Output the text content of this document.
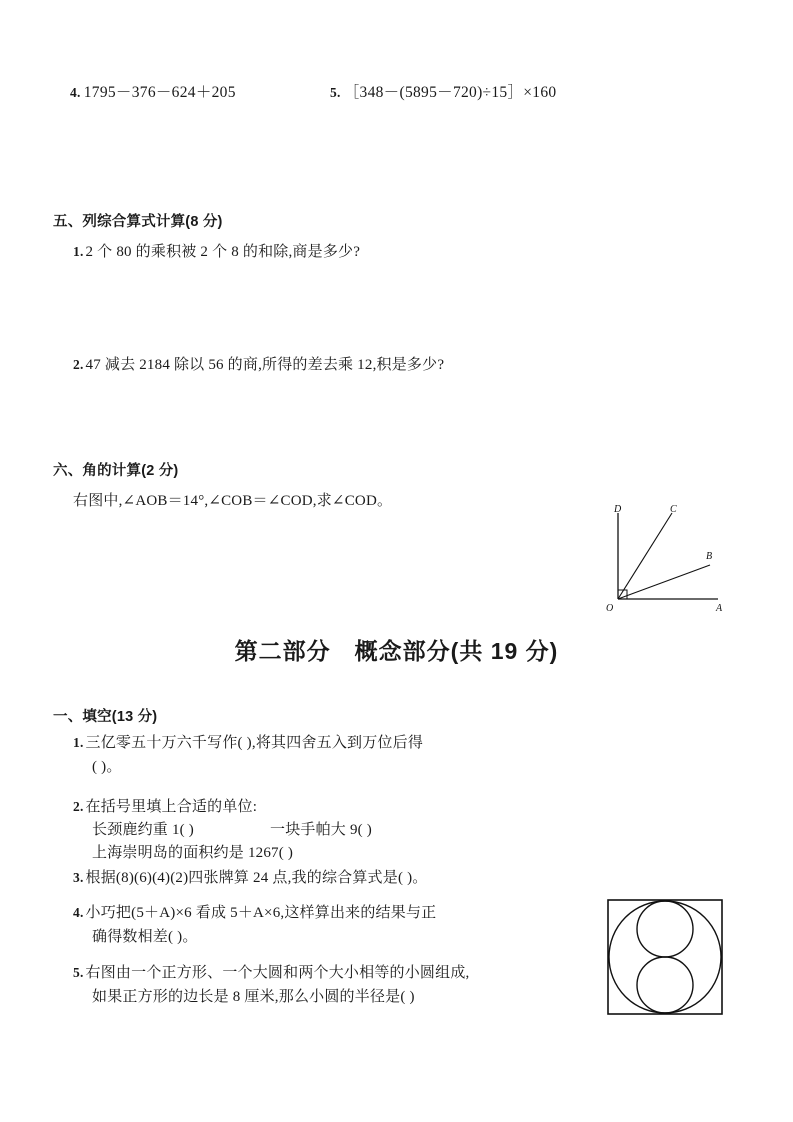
4. 1795－376－624＋205	5. ［348－(5895－720)÷15］×160
五、列综合算式计算(8 分)
1. 2 个 80 的乘积被 2 个 8 的和除,商是多少?
2. 47 减去 2184 除以 56 的商,所得的差去乘 12,积是多少?
六、角的计算(2 分)
右图中,∠AOB＝14°,∠COB＝∠COD,求∠COD。
D	C
B
O	A
第二部分　概念部分(共 19 分)
一、填空(13 分)
1. 三亿零五十万六千写作( ),将其四舍五入到万位后得
( )。
2. 在括号里填上合适的单位:
长颈鹿约重 1( )　　　　　一块手帕大 9( )
上海崇明岛的面积约是 1267( )
3. 根据(8)(6)(4)(2)四张牌算 24 点,我的综合算式是( )。
4. 小巧把(5＋A)×6 看成 5＋A×6,这样算出来的结果与正
确得数相差( )。
5. 右图由一个正方形、一个大圆和两个大小相等的小圆组成,
如果正方形的边长是 8 厘米,那么小圆的半径是( )
